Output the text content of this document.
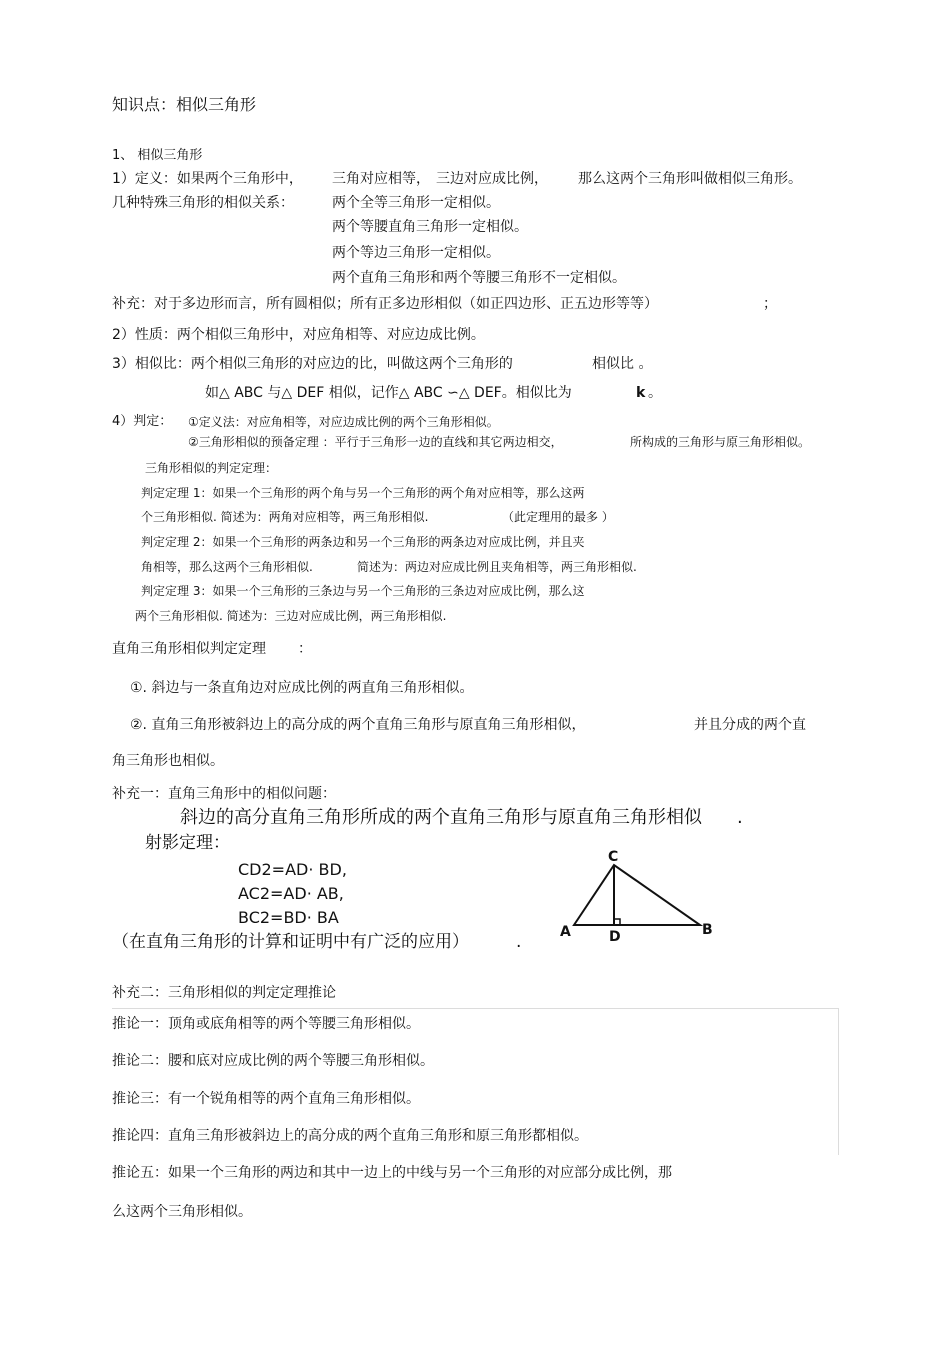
知识点：相似三角形
1、 相似三角形
1）定义：如果两个三角形中， 三角对应相等， 三边对应成比例， 那么这两个三角形叫做相似三角形。
几种特殊三角形的相似关系：	两个全等三角形一定相似。
两个等腰直角三角形一定相似。
两个等边三角形一定相似。
两个直角三角形和两个等腰三角形不一定相似。
补充：对于多边形而言，所有圆相似；所有正多边形相似（如正四边形、正五边形等等）	；
2）性质：两个相似三角形中，对应角相等、对应边成比例。
3）相似比：两个相似三角形的对应边的比，叫做这两个三角形的	相似比 。
如△ ABC 与△ DEF 相似，记作△ ABC ∽△ DEF。相似比为	k 。
4）判定： ①定义法：对应角相等，对应边成比例的两个三角形相似。
②三角形相似的预备定理 ：平行于三角形一边的直线和其它两边相交，	所构成的三角形与原三角形相似。
三角形相似的判定定理：
判定定理 1：如果一个三角形的两个角与另一个三角形的两个角对应相等，那么这两
个三角形相似. 简述为：两角对应相等，两三角形相似.	（此定理用的最多 ）
判定定理 2：如果一个三角形的两条边和另一个三角形的两条边对应成比例，并且夹
角相等，那么这两个三角形相似.	简述为：两边对应成比例且夹角相等，两三角形相似.
判定定理 3：如果一个三角形的三条边与另一个三角形的三条边对应成比例，那么这
两个三角形相似. 简述为：三边对应成比例，两三角形相似.
直角三角形相似判定定理 ：
①. 斜边与一条直角边对应成比例的两直角三角形相似。
②. 直角三角形被斜边上的高分成的两个直角三角形与原直角三角形相似，	并且分成的两个直
角三角形也相似。
补充一：直角三角形中的相似问题：
斜边的高分直角三角形所成的两个直角三角形与原直角三角形相似 .
射影定理：
CD2=AD· BD,
AC2=AD· AB,
BC2=BD· BA
（在直角三角形的计算和证明中有广泛的应用）	.
C
A	D	B
补充二：三角形相似的判定定理推论
推论一：顶角或底角相等的两个等腰三角形相似。
推论二：腰和底对应成比例的两个等腰三角形相似。
推论三：有一个锐角相等的两个直角三角形相似。
推论四：直角三角形被斜边上的高分成的两个直角三角形和原三角形都相似。
推论五：如果一个三角形的两边和其中一边上的中线与另一个三角形的对应部分成比例，那
么这两个三角形相似。
